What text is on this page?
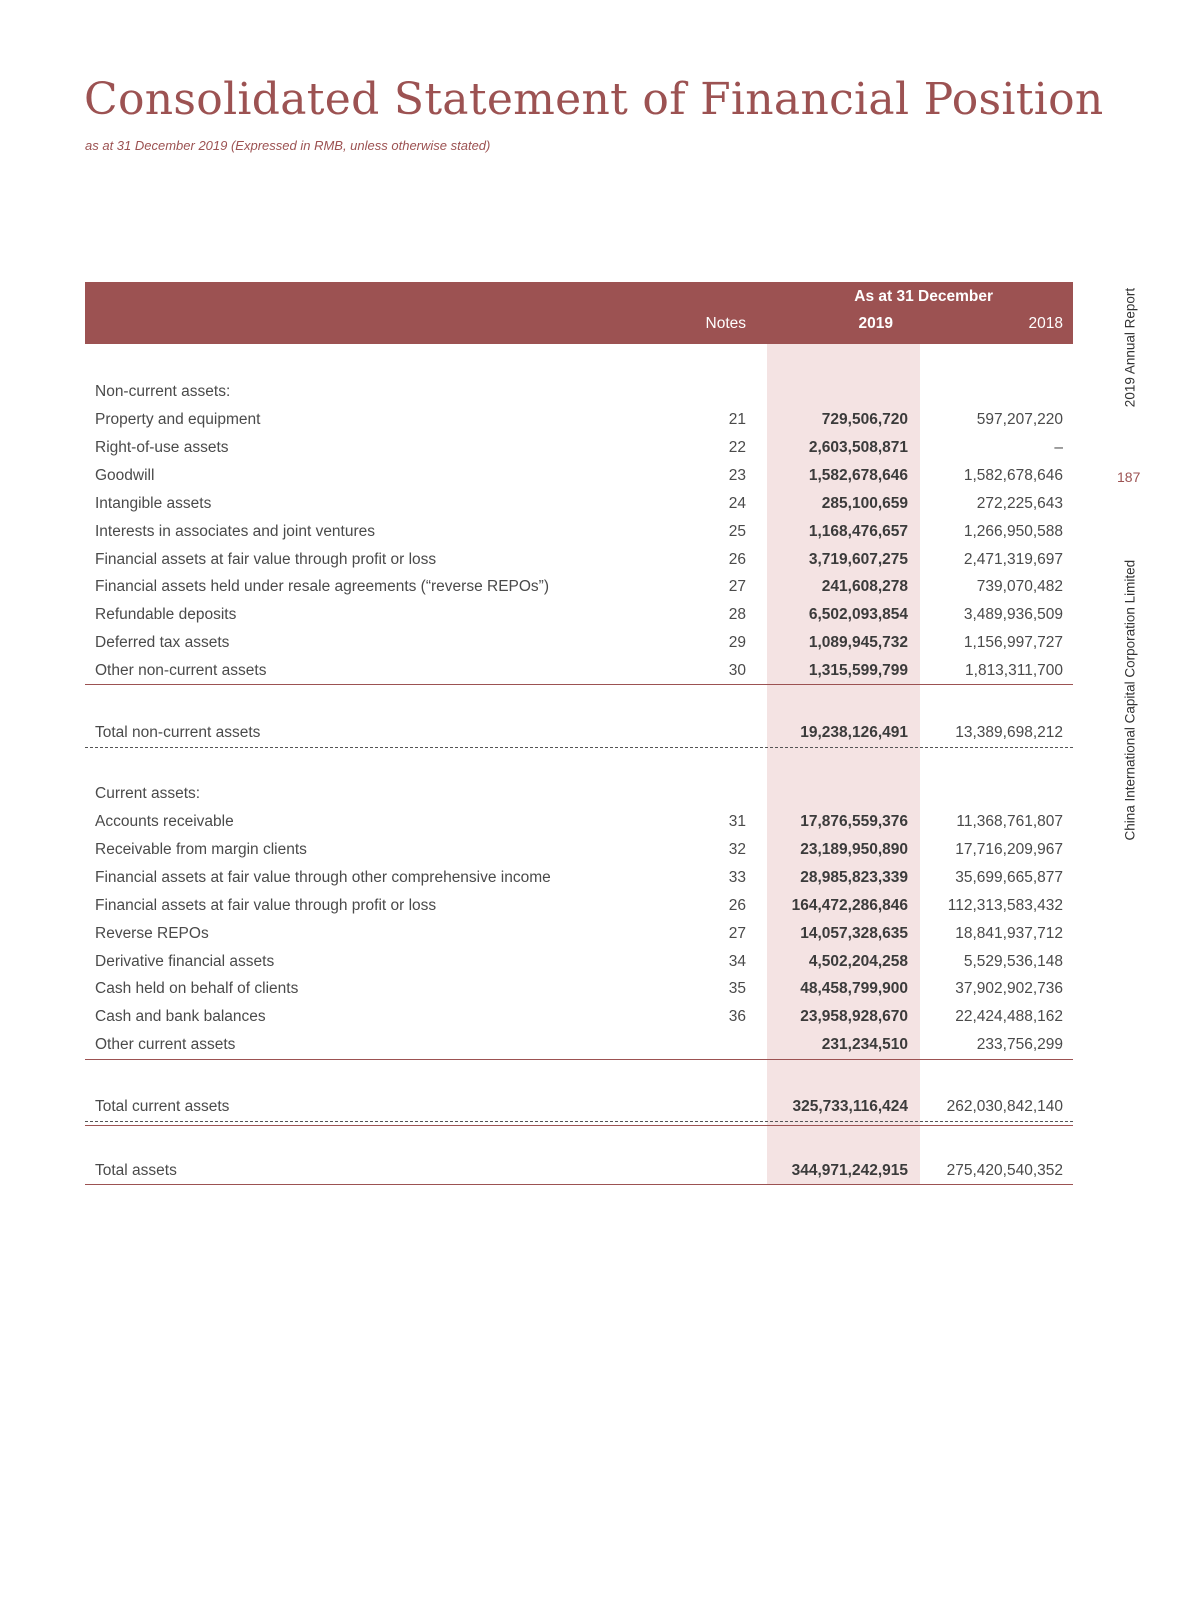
Consolidated Statement of Financial Position
as at 31 December 2019 (Expressed in RMB, unless otherwise stated)
As at 31 December
Notes	2019	2018
Non-current assets:
Property and equipment	21	729,506,720	597,207,220
Right-of-use assets	22	2,603,508,871	–
Goodwill	23	1,582,678,646	1,582,678,646
Intangible assets	24	285,100,659	272,225,643
Interests in associates and joint ventures	25	1,168,476,657	1,266,950,588
Financial assets at fair value through profit or loss	26	3,719,607,275	2,471,319,697
Financial assets held under resale agreements (“reverse REPOs”)	27	241,608,278	739,070,482
Refundable deposits	28	6,502,093,854	3,489,936,509
Deferred tax assets	29	1,089,945,732	1,156,997,727
Other non-current assets	30	1,315,599,799	1,813,311,700
Total non-current assets	19,238,126,491	13,389,698,212
Current assets:
Accounts receivable	31	17,876,559,376	11,368,761,807
Receivable from margin clients	32	23,189,950,890	17,716,209,967
Financial assets at fair value through other comprehensive income	33	28,985,823,339	35,699,665,877
Financial assets at fair value through profit or loss	26	164,472,286,846	112,313,583,432
Reverse REPOs	27	14,057,328,635	18,841,937,712
Derivative financial assets	34	4,502,204,258	5,529,536,148
Cash held on behalf of clients	35	48,458,799,900	37,902,902,736
Cash and bank balances	36	23,958,928,670	22,424,488,162
Other current assets	231,234,510	233,756,299
Total current assets	325,733,116,424 262,030,842,140
Total assets	344,971,242,915 275,420,540,352
2019 Annual Report
187
China International Capital Corporation Limited
